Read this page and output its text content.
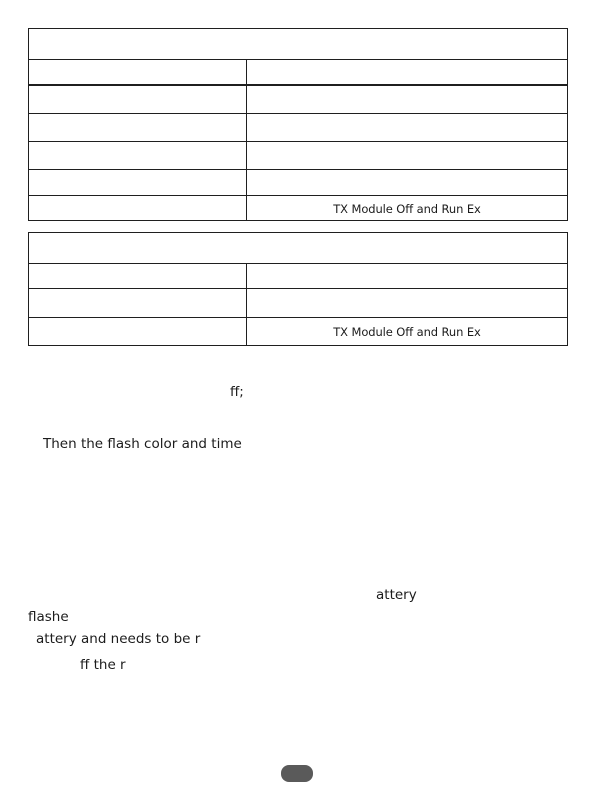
TX Module Off and Run Ex
TX Module Off and Run Ex
ff;
Then the flash color and time
attery
flashe
attery and needs to be r
ff the r
